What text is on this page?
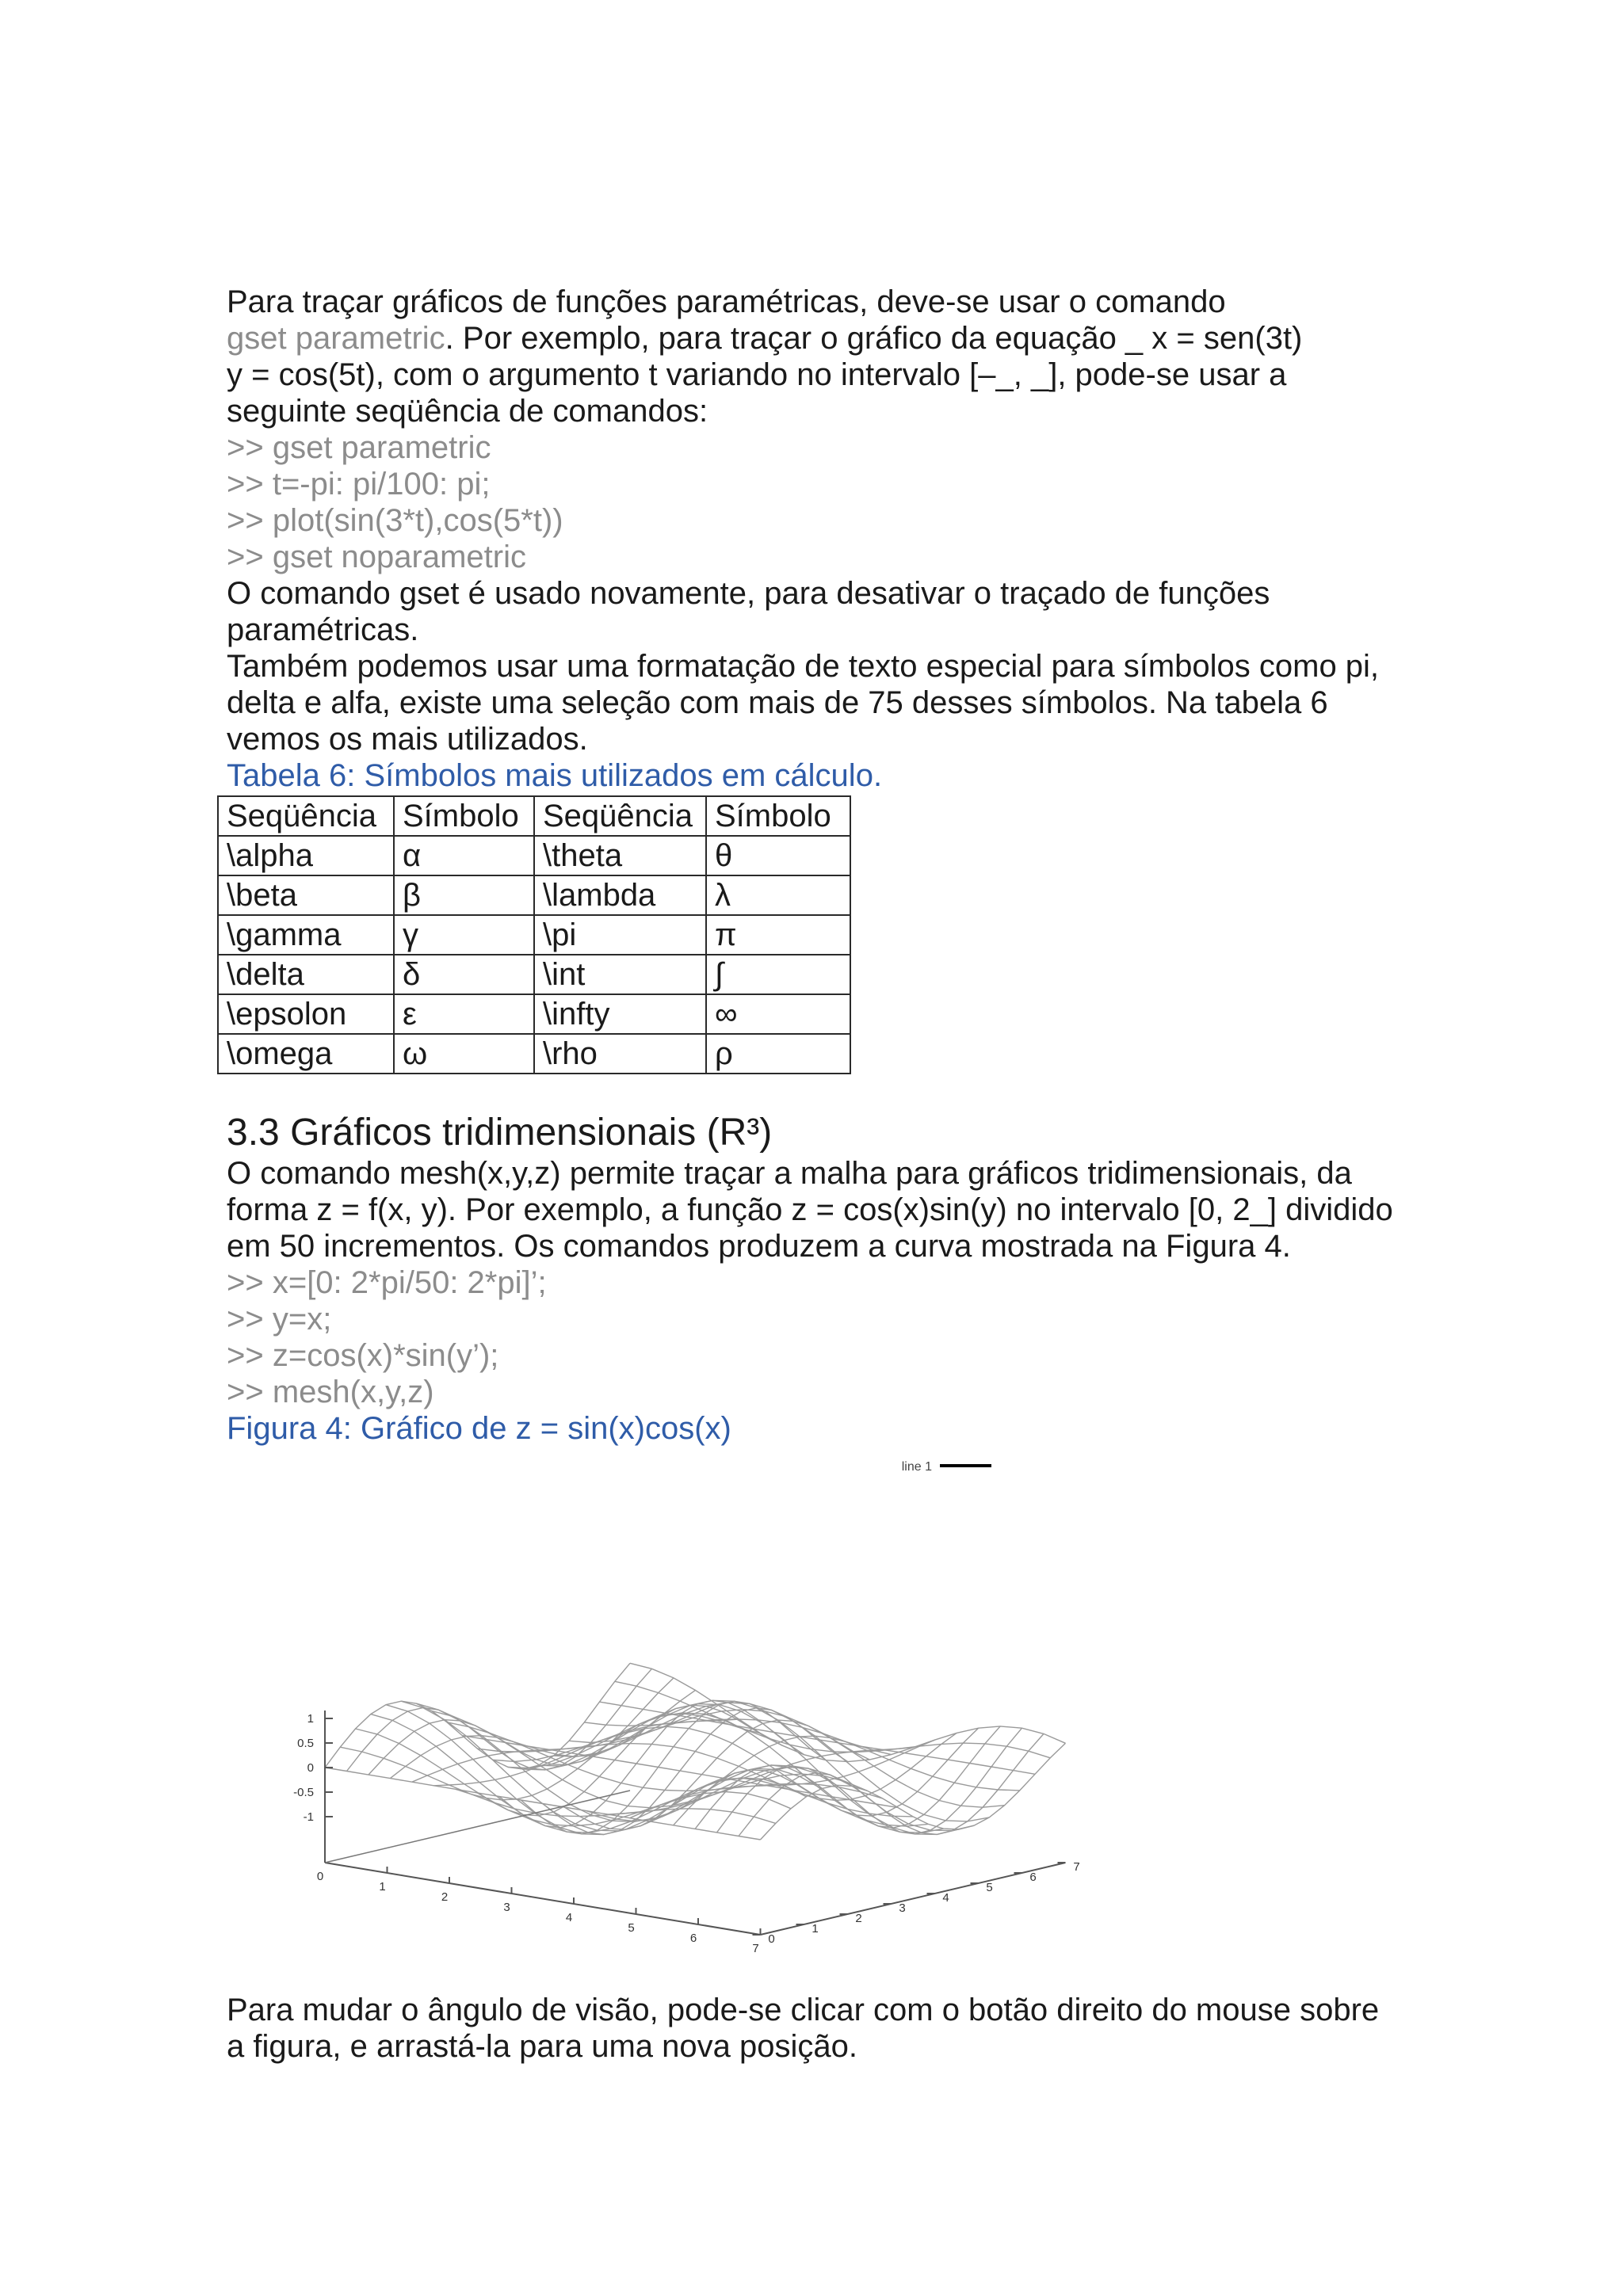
Para traçar gráficos de funções paramétricas, deve-se usar o comando

gset parametric. Por exemplo, para traçar o gráfico da equação _ x = sen(3t)

y = cos(5t), com o argumento t variando no intervalo [–_, _], pode-se usar a

seguinte seqüência de comandos:

>> gset parametric

>> t=-pi: pi/100: pi;

>> plot(sin(3*t),cos(5*t))

>> gset noparametric

O comando gset é usado novamente, para desativar o traçado de funções

paramétricas.

Também podemos usar uma formatação de texto especial para símbolos como pi,

delta e alfa, existe uma seleção com mais de 75 desses símbolos. Na tabela 6

vemos os mais utilizados.

Tabela 6: Símbolos mais utilizados em cálculo.

Seqüência	Símbolo	Seqüência	Símbolo
\alpha	α	\theta	θ
\beta	β	\lambda	λ
\gamma	γ	\pi	π
\delta	δ	\int	∫
\epsolon	ε	\infty	∞
\omega	ω	\rho	ρ
3.3 Gráficos tridimensionais (R³)

O comando mesh(x,y,z) permite traçar a malha para gráficos tridimensionais, da

forma z = f(x, y). Por exemplo, a função z = cos(x)sin(y) no intervalo [0, 2_] dividido

em 50 incrementos. Os comandos produzem a curva mostrada na Figura 4.

>> x=[0: 2*pi/50: 2*pi]’;

>> y=x;

>> z=cos(x)*sin(y’);

>> mesh(x,y,z)

Figura 4: Gráfico de z = sin(x)cos(x)

1
0.5
0
-0.5
-1
0
1
2
3
4
5
6
7
0
1
2
3
4
5
6
7
line 1

Para mudar o ângulo de visão, pode-se clicar com o botão direito do mouse sobre

a figura, e arrastá-la para uma nova posição.
